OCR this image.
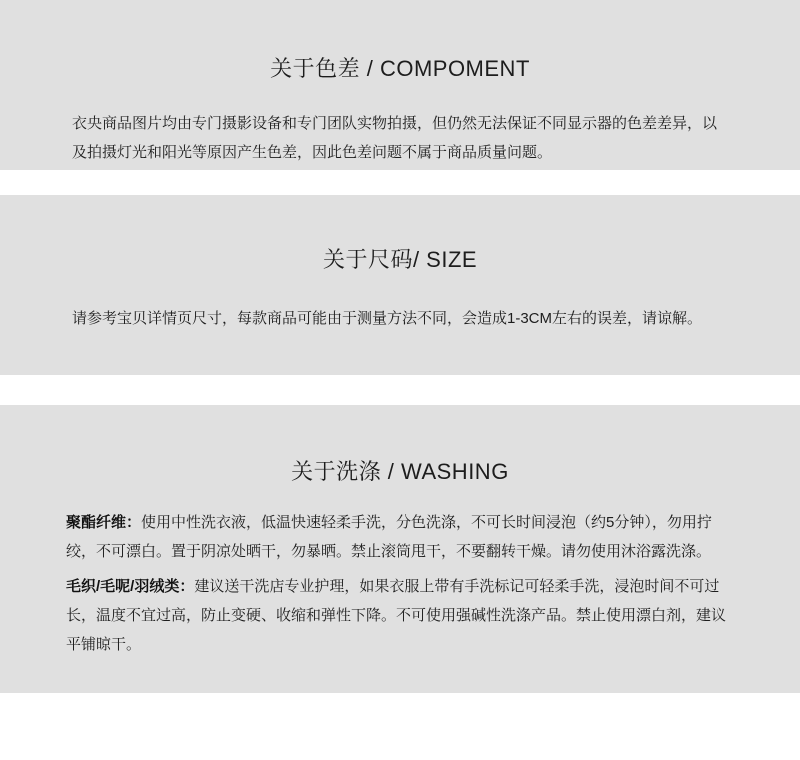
关于色差 / COMPOMENT
衣央商品图片均由专门摄影设备和专门团队实物拍摄，但仍然无法保证不同显示器的色差差异，以及拍摄灯光和阳光等原因产生色差，因此色差问题不属于商品质量问题。
关于尺码/ SIZE
请参考宝贝详情页尺寸，每款商品可能由于测量方法不同，会造成1-3CM左右的误差，请谅解。
关于洗涤 / WASHING
聚酯纤维：使用中性洗衣液，低温快速轻柔手洗，分色洗涤，不可长时间浸泡（约5分钟），勿用拧绞，不可漂白。置于阴凉处晒干，勿暴晒。禁止滚筒甩干，不要翻转干燥。请勿使用沐浴露洗涤。
毛织/毛呢/羽绒类：建议送干洗店专业护理，如果衣服上带有手洗标记可轻柔手洗，浸泡时间不可过长，温度不宜过高，防止变硬、收缩和弹性下降。不可使用强碱性洗涤产品。禁止使用漂白剂，建议平铺晾干。
